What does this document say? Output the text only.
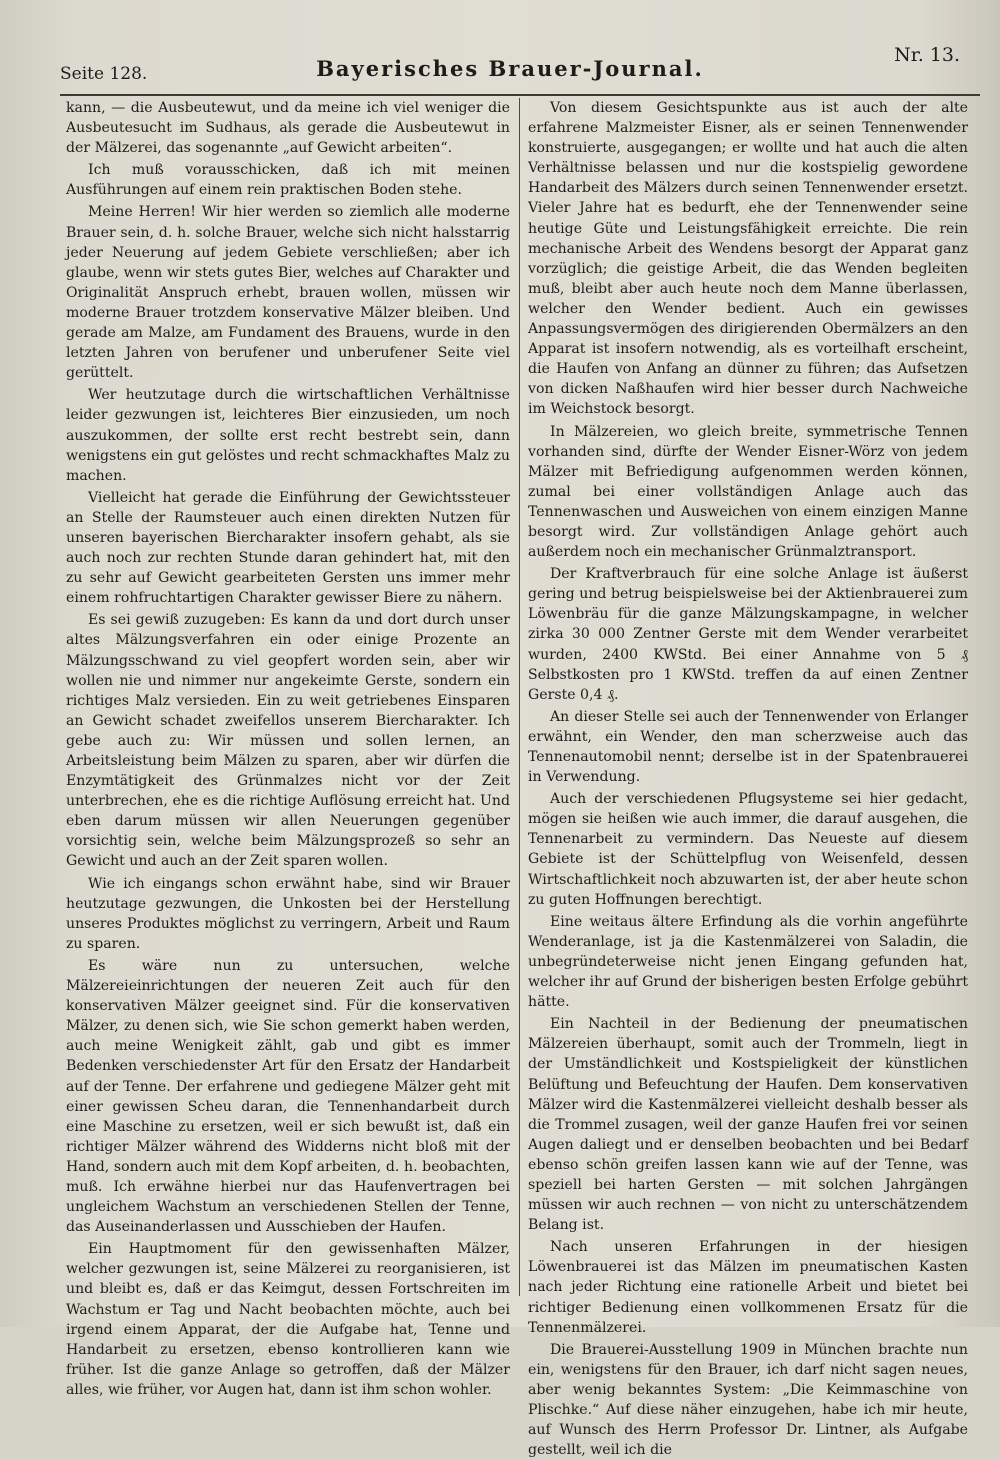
Seite 128.	Bayerisches Brauer-Journal.
Nr. 13.

kann, — die Ausbeutewut, und da meine ich viel weniger die Ausbeutesucht im Sudhaus, als gerade die Ausbeutewut in der Mälzerei, das sogenannte „auf Gewicht arbeiten“.

Ich muß vorausschicken, daß ich mit meinen Ausführungen auf einem rein praktischen Boden stehe.

Meine Herren! Wir hier werden so ziemlich alle moderne Brauer sein, d. h. solche Brauer, welche sich nicht halsstarrig jeder Neuerung auf jedem Gebiete verschließen; aber ich glaube, wenn wir stets gutes Bier, welches auf Charakter und Originalität Anspruch erhebt, brauen wollen, müssen wir moderne Brauer trotzdem konservative Mälzer bleiben. Und gerade am Malze, am Fundament des Brauens, wurde in den letzten Jahren von berufener und unberufener Seite viel gerüttelt.

Wer heutzutage durch die wirtschaftlichen Verhältnisse leider gezwungen ist, leichteres Bier einzusieden, um noch auszukommen, der sollte erst recht bestrebt sein, dann wenigstens ein gut gelöstes und recht schmackhaftes Malz zu machen.

Vielleicht hat gerade die Einführung der Gewichtssteuer an Stelle der Raumsteuer auch einen direkten Nutzen für unseren bayerischen Biercharakter insofern gehabt, als sie auch noch zur rechten Stunde daran gehindert hat, mit den zu sehr auf Gewicht gearbeiteten Gersten uns immer mehr einem rohfruchtartigen Charakter gewisser Biere zu nähern.

Es sei gewiß zuzugeben: Es kann da und dort durch unser altes Mälzungsverfahren ein oder einige Prozente an Mälzungsschwand zu viel geopfert worden sein, aber wir wollen nie und nimmer nur angekeimte Gerste, sondern ein richtiges Malz versieden. Ein zu weit getriebenes Einsparen an Gewicht schadet zweifellos unserem Biercharakter. Ich gebe auch zu: Wir müssen und sollen lernen, an Arbeitsleistung beim Mälzen zu sparen, aber wir dürfen die Enzymtätigkeit des Grünmalzes nicht vor der Zeit unterbrechen, ehe es die richtige Auflösung erreicht hat. Und eben darum müssen wir allen Neuerungen gegenüber vorsichtig sein, welche beim Mälzungsprozeß so sehr an Gewicht und auch an der Zeit sparen wollen.

Wie ich eingangs schon erwähnt habe, sind wir Brauer heutzutage gezwungen, die Unkosten bei der Herstellung unseres Produktes möglichst zu verringern, Arbeit und Raum zu sparen.

Es wäre nun zu untersuchen, welche Mälzereieinrichtungen der neueren Zeit auch für den konservativen Mälzer geeignet sind. Für die konservativen Mälzer, zu denen sich, wie Sie schon gemerkt haben werden, auch meine Wenigkeit zählt, gab und gibt es immer Bedenken verschiedenster Art für den Ersatz der Handarbeit auf der Tenne. Der erfahrene und gediegene Mälzer geht mit einer gewissen Scheu daran, die Tennenhandarbeit durch eine Maschine zu ersetzen, weil er sich bewußt ist, daß ein richtiger Mälzer während des Widderns nicht bloß mit der Hand, sondern auch mit dem Kopf arbeiten, d. h. beobachten, muß. Ich erwähne hierbei nur das Haufenvertragen bei ungleichem Wachstum an verschiedenen Stellen der Tenne, das Auseinanderlassen und Ausschieben der Haufen.

Ein Hauptmoment für den gewissenhaften Mälzer, welcher gezwungen ist, seine Mälzerei zu reorganisieren, ist und bleibt es, daß er das Keimgut, dessen Fortschreiten im Wachstum er Tag und Nacht beobachten möchte, auch bei irgend einem Apparat, der die Aufgabe hat, Tenne und Handarbeit zu ersetzen, ebenso kontrollieren kann wie früher. Ist die ganze Anlage so getroffen, daß der Mälzer alles, wie früher, vor Augen hat, dann ist ihm schon wohler.

Von diesem Gesichtspunkte aus ist auch der alte erfahrene Malzmeister Eisner, als er seinen Tennenwender konstruierte, ausgegangen; er wollte und hat auch die alten Verhältnisse belassen und nur die kostspielig gewordene Handarbeit des Mälzers durch seinen Tennenwender ersetzt. Vieler Jahre hat es bedurft, ehe der Tennenwender seine heutige Güte und Leistungsfähigkeit erreichte. Die rein mechanische Arbeit des Wendens besorgt der Apparat ganz vorzüglich; die geistige Arbeit, die das Wenden begleiten muß, bleibt aber auch heute noch dem Manne überlassen, welcher den Wender bedient. Auch ein gewisses Anpassungsvermögen des dirigierenden Obermälzers an den Apparat ist insofern notwendig, als es vorteilhaft erscheint, die Haufen von Anfang an dünner zu führen; das Aufsetzen von dicken Naßhaufen wird hier besser durch Nachweiche im Weichstock besorgt.

In Mälzereien, wo gleich breite, symmetrische Tennen vorhanden sind, dürfte der Wender Eisner-Wörz von jedem Mälzer mit Befriedigung aufgenommen werden können, zumal bei einer vollständigen Anlage auch das Tennenwaschen und Ausweichen von einem einzigen Manne besorgt wird. Zur vollständigen Anlage gehört auch außerdem noch ein mechanischer Grünmalztransport.

Der Kraftverbrauch für eine solche Anlage ist äußerst gering und betrug beispielsweise bei der Aktienbrauerei zum Löwenbräu für die ganze Mälzungskampagne, in welcher zirka 30 000 Zentner Gerste mit dem Wender verarbeitet wurden, 2400 KWStd. Bei einer Annahme von 5 ₰ Selbstkosten pro 1 KWStd. treffen da auf einen Zentner Gerste 0,4 ₰.

An dieser Stelle sei auch der Tennenwender von Erlanger erwähnt, ein Wender, den man scherzweise auch das Tennenautomobil nennt; derselbe ist in der Spatenbrauerei in Verwendung.

Auch der verschiedenen Pflugsysteme sei hier gedacht, mögen sie heißen wie auch immer, die darauf ausgehen, die Tennenarbeit zu vermindern. Das Neueste auf diesem Gebiete ist der Schüttelpflug von Weisenfeld, dessen Wirtschaftlichkeit noch abzuwarten ist, der aber heute schon zu guten Hoffnungen berechtigt.

Eine weitaus ältere Erfindung als die vorhin angeführte Wenderanlage, ist ja die Kastenmälzerei von Saladin, die unbegründeterweise nicht jenen Eingang gefunden hat, welcher ihr auf Grund der bisherigen besten Erfolge gebührt hätte.

Ein Nachteil in der Bedienung der pneumatischen Mälzereien überhaupt, somit auch der Trommeln, liegt in der Umständlichkeit und Kostspieligkeit der künstlichen Belüftung und Befeuchtung der Haufen. Dem konservativen Mälzer wird die Kastenmälzerei vielleicht deshalb besser als die Trommel zusagen, weil der ganze Haufen frei vor seinen Augen daliegt und er denselben beobachten und bei Bedarf ebenso schön greifen lassen kann wie auf der Tenne, was speziell bei harten Gersten — mit solchen Jahrgängen müssen wir auch rechnen — von nicht zu unterschätzendem Belang ist.

Nach unseren Erfahrungen in der hiesigen Löwenbrauerei ist das Mälzen im pneumatischen Kasten nach jeder Richtung eine rationelle Arbeit und bietet bei richtiger Bedienung einen vollkommenen Ersatz für die Tennenmälzerei.

Die Brauerei-Ausstellung 1909 in München brachte nun ein, wenigstens für den Brauer, ich darf nicht sagen neues, aber wenig bekanntes System: „Die Keimmaschine von Plischke.“ Auf diese näher einzugehen, habe ich mir heute, auf Wunsch des Herrn Professor Dr. Lintner, als Aufgabe gestellt, weil ich die
